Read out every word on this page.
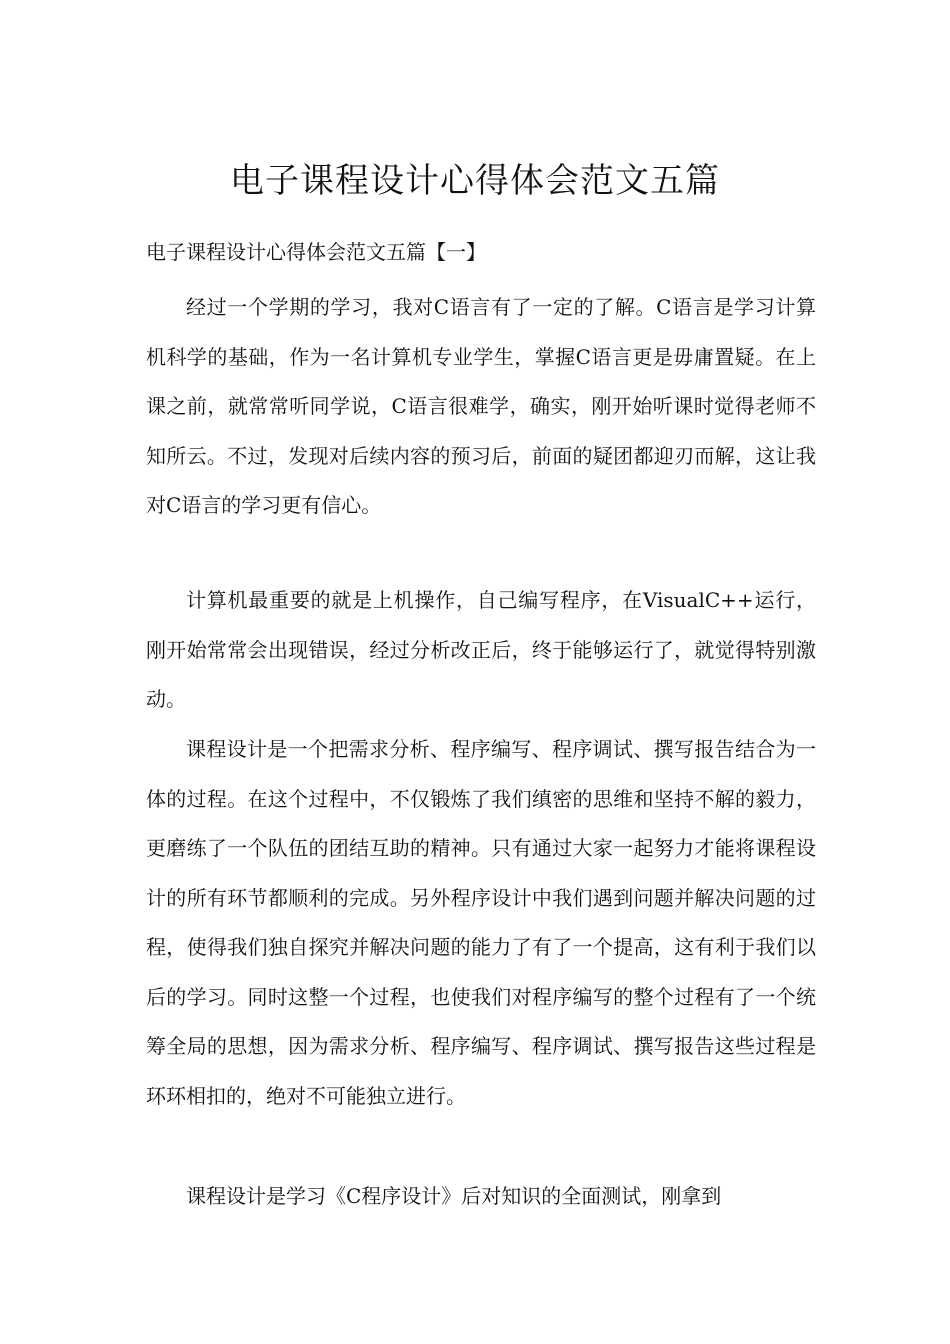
电子课程设计心得体会范文五篇
电子课程设计心得体会范文五篇【一】

经过一个学期的学习，我对C语言有了一定的了解。C语言是学习计算机科学的基础，作为一名计算机专业学生，掌握C语言更是毋庸置疑。在上课之前，就常常听同学说，C语言很难学，确实，刚开始听课时觉得老师不知所云。不过，发现对后续内容的预习后，前面的疑团都迎刃而解，这让我对C语言的学习更有信心。

计算机最重要的就是上机操作，自己编写程序，在VisualC++运行，刚开始常常会出现错误，经过分析改正后，终于能够运行了，就觉得特别激动。

课程设计是一个把需求分析、程序编写、程序调试、撰写报告结合为一体的过程。在这个过程中，不仅锻炼了我们缜密的思维和坚持不解的毅力，更磨练了一个队伍的团结互助的精神。只有通过大家一起努力才能将课程设计的所有环节都顺利的完成。另外程序设计中我们遇到问题并解决问题的过程，使得我们独自探究并解决问题的能力了有了一个提高，这有利于我们以后的学习。同时这整一个过程，也使我们对程序编写的整个过程有了一个统筹全局的思想，因为需求分析、程序编写、程序调试、撰写报告这些过程是环环相扣的，绝对不可能独立进行。

课程设计是学习《C程序设计》后对知识的全面测试，刚拿到
